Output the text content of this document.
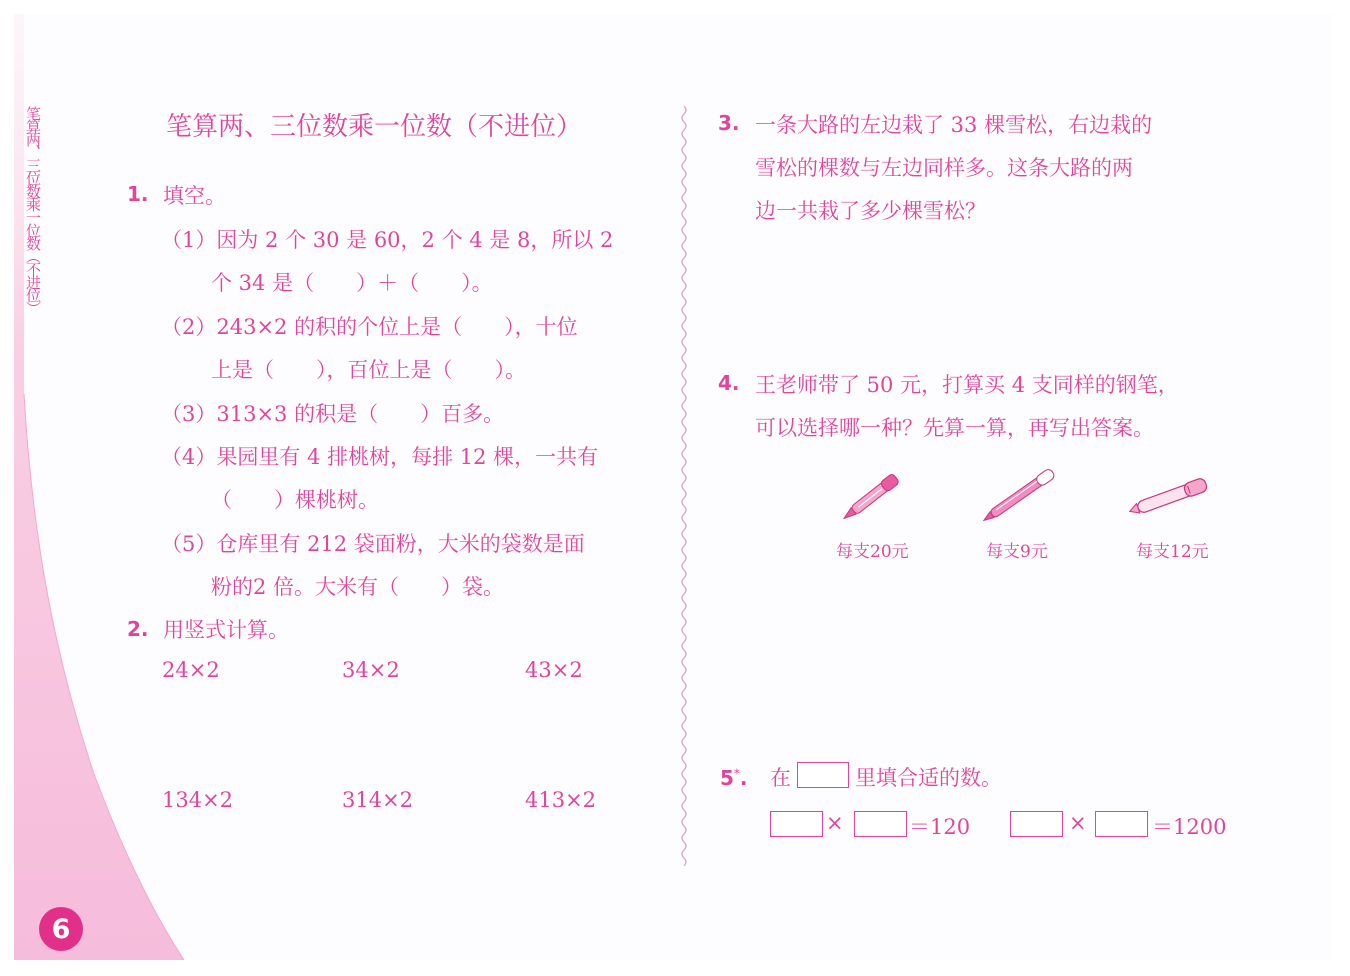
笔算两、三位数乘一位数（不进位）
6
笔算两、三位数乘一位数（不进位）
1. 填空。
（1）因为 2 个 30 是 60，2 个 4 是 8，所以 2
个 34 是（　　）＋（　　）。
（2）243×2 的积的个位上是（　　），十位
上是（　　），百位上是（　　）。
（3）313×3 的积是（　　）百多。
（4）果园里有 4 排桃树，每排 12 棵，一共有
（　　）棵桃树。
（5）仓库里有 212 袋面粉，大米的袋数是面
粉的2 倍。大米有（　　）袋。
2. 用竖式计算。
24×2	34×2	43×2
134×2	314×2	413×2
3. 一条大路的左边栽了 33 棵雪松，右边栽的
雪松的棵数与左边同样多。这条大路的两
边一共栽了多少棵雪松？
4. 王老师带了 50 元，打算买 4 支同样的钢笔，
可以选择哪一种？先算一算，再写出答案。
每支20元	每支9元	每支12元
5*. 在	里填合适的数。
×	＝120	×	＝1200
